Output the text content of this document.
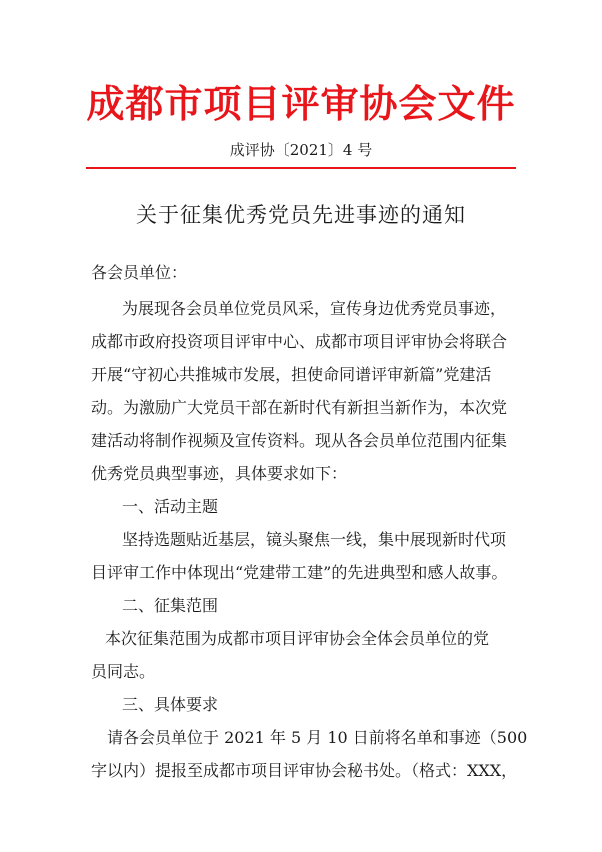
成都市项目评审协会文件
成评协〔2021〕4 号
关于征集优秀党员先进事迹的通知
各会员单位：
为展现各会员单位党员风采，宣传身边优秀党员事迹，
成都市政府投资项目评审中心、成都市项目评审协会将联合
开展“守初心共推城市发展，担使命同谱评审新篇”党建活
动。为激励广大党员干部在新时代有新担当新作为，本次党
建活动将制作视频及宣传资料。现从各会员单位范围内征集
优秀党员典型事迹，具体要求如下：
一、活动主题
坚持选题贴近基层，镜头聚焦一线，集中展现新时代项
目评审工作中体现出“党建带工建”的先进典型和感人故事。
二、征集范围
本次征集范围为成都市项目评审协会全体会员单位的党
员同志。
三、具体要求
请各会员单位于 2021 年 5 月 10 日前将名单和事迹（500
字以内）提报至成都市项目评审协会秘书处。（格式：XXX，
